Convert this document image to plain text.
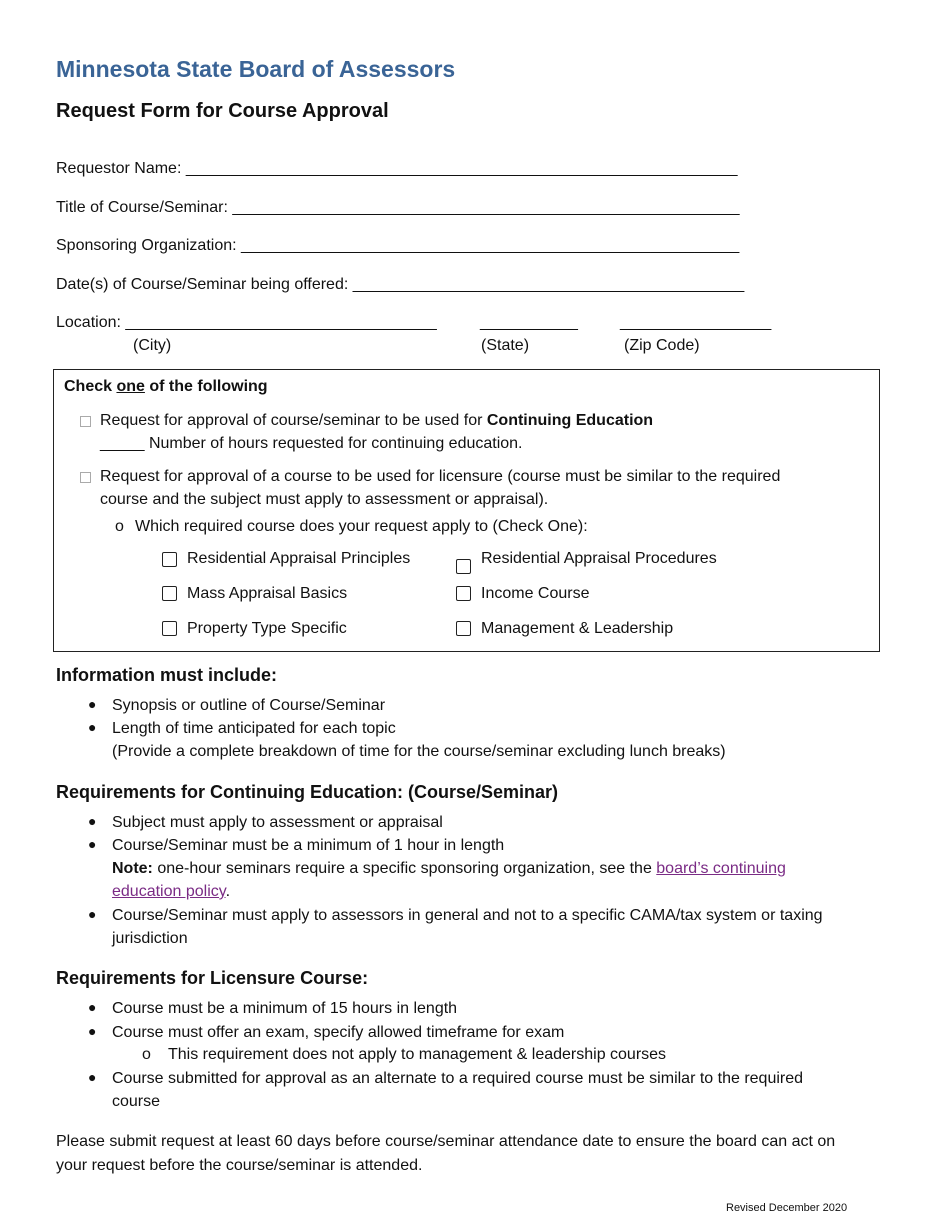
Minnesota State Board of Assessors
Request Form for Course Approval
Requestor Name: ______________________________________________________________
Title of Course/Seminar: _________________________________________________________
Sponsoring Organization: ________________________________________________________
Date(s) of Course/Seminar being offered: ____________________________________________
Location: ___________________________________	___________	_________________
(City)	(State)	(Zip Code)
Check one of the following
Request for approval of course/seminar to be used for Continuing Education
_____ Number of hours requested for continuing education.
Request for approval of a course to be used for licensure (course must be similar to the required
course and the subject must apply to assessment or appraisal).
o Which required course does your request apply to (Check One):
Residential Appraisal Principles	Residential Appraisal Procedures
Mass Appraisal Basics	Income Course
Property Type Specific	Management & Leadership
Information must include:
● Synopsis or outline of Course/Seminar
● Length of time anticipated for each topic
(Provide a complete breakdown of time for the course/seminar excluding lunch breaks)
Requirements for Continuing Education: (Course/Seminar)
● Subject must apply to assessment or appraisal
● Course/Seminar must be a minimum of 1 hour in length
Note: one-hour seminars require a specific sponsoring organization, see the board’s continuing
education policy.
● Course/Seminar must apply to assessors in general and not to a specific CAMA/tax system or taxing
jurisdiction
Requirements for Licensure Course:
● Course must be a minimum of 15 hours in length
● Course must offer an exam, specify allowed timeframe for exam
o This requirement does not apply to management & leadership courses
● Course submitted for approval as an alternate to a required course must be similar to the required
course
Please submit request at least 60 days before course/seminar attendance date to ensure the board can act on
your request before the course/seminar is attended.
Revised December 2020
